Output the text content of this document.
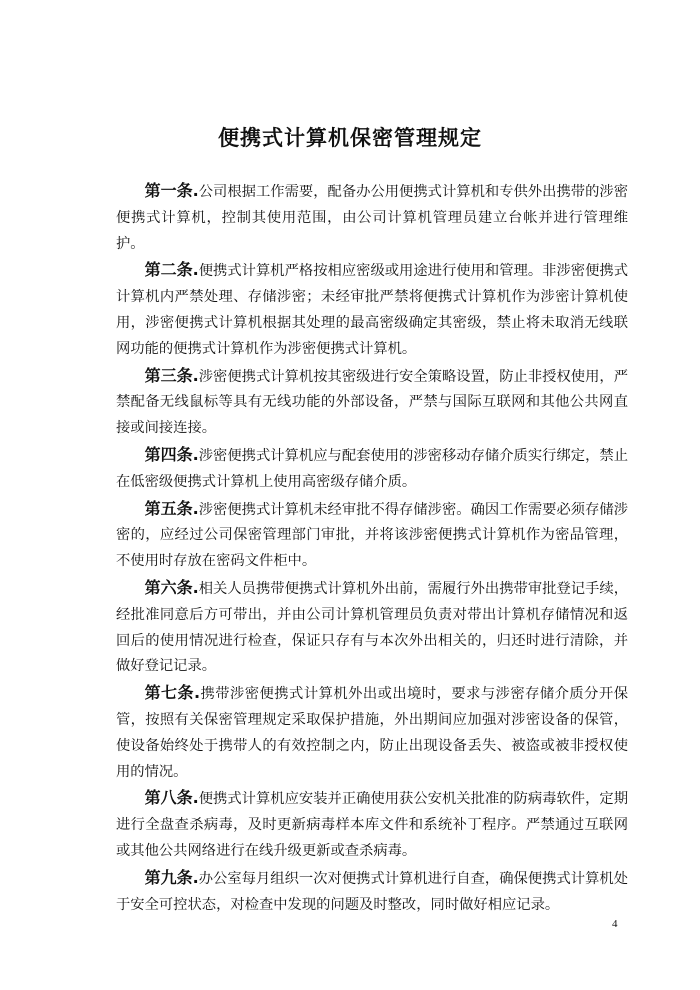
便携式计算机保密管理规定

第一条.公司根据工作需要，配备办公用便携式计算机和专供外出携带的涉密便携式计算机，控制其使用范围，由公司计算机管理员建立台帐并进行管理维护。

第二条.便携式计算机严格按相应密级或用途进行使用和管理。非涉密便携式计算机内严禁处理、存储涉密；未经审批严禁将便携式计算机作为涉密计算机使用，涉密便携式计算机根据其处理的最高密级确定其密级，禁止将未取消无线联网功能的便携式计算机作为涉密便携式计算机。

第三条.涉密便携式计算机按其密级进行安全策略设置，防止非授权使用，严禁配备无线鼠标等具有无线功能的外部设备，严禁与国际互联网和其他公共网直接或间接连接。

第四条.涉密便携式计算机应与配套使用的涉密移动存储介质实行绑定，禁止在低密级便携式计算机上使用高密级存储介质。

第五条.涉密便携式计算机未经审批不得存储涉密。确因工作需要必须存储涉密的，应经过公司保密管理部门审批，并将该涉密便携式计算机作为密品管理，不使用时存放在密码文件柜中。

第六条.相关人员携带便携式计算机外出前，需履行外出携带审批登记手续，经批准同意后方可带出，并由公司计算机管理员负责对带出计算机存储情况和返回后的使用情况进行检查，保证只存有与本次外出相关的，归还时进行清除，并做好登记记录。

第七条.携带涉密便携式计算机外出或出境时，要求与涉密存储介质分开保管，按照有关保密管理规定采取保护措施，外出期间应加强对涉密设备的保管，使设备始终处于携带人的有效控制之内，防止出现设备丢失、被盗或被非授权使用的情况。

第八条.便携式计算机应安装并正确使用获公安机关批准的防病毒软件，定期进行全盘查杀病毒，及时更新病毒样本库文件和系统补丁程序。严禁通过互联网或其他公共网络进行在线升级更新或查杀病毒。

第九条.办公室每月组织一次对便携式计算机进行自查，确保便携式计算机处于安全可控状态，对检查中发现的问题及时整改，同时做好相应记录。

4
